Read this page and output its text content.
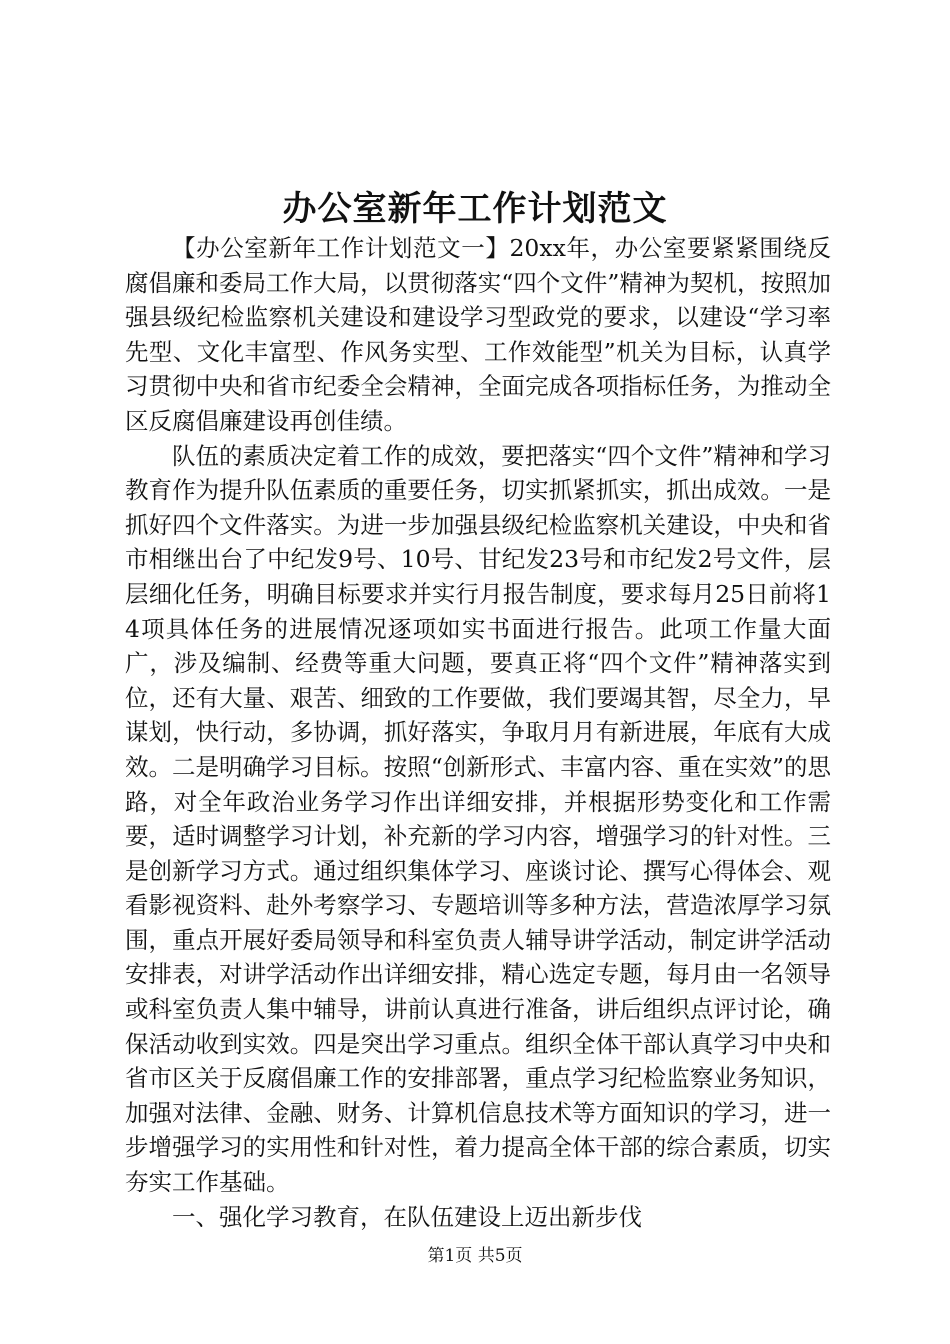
办公室新年工作计划范文

【办公室新年工作计划范文一】20xx年，办公室要紧紧围绕反腐倡廉和委局工作大局，以贯彻落实“四个文件”精神为契机，按照加强县级纪检监察机关建设和建设学习型政党的要求，以建设“学习率先型、文化丰富型、作风务实型、工作效能型”机关为目标，认真学习贯彻中央和省市纪委全会精神，全面完成各项指标任务，为推动全区反腐倡廉建设再创佳绩。

队伍的素质决定着工作的成效，要把落实“四个文件”精神和学习教育作为提升队伍素质的重要任务，切实抓紧抓实，抓出成效。一是抓好四个文件落实。为进一步加强县级纪检监察机关建设，中央和省市相继出台了中纪发9号、10号、甘纪发23号和市纪发2号文件，层层细化任务，明确目标要求并实行月报告制度，要求每月25日前将14项具体任务的进展情况逐项如实书面进行报告。此项工作量大面广，涉及编制、经费等重大问题，要真正将“四个文件”精神落实到位，还有大量、艰苦、细致的工作要做，我们要竭其智，尽全力，早谋划，快行动，多协调，抓好落实，争取月月有新进展，年底有大成效。二是明确学习目标。按照“创新形式、丰富内容、重在实效”的思路，对全年政治业务学习作出详细安排，并根据形势变化和工作需要，适时调整学习计划，补充新的学习内容，增强学习的针对性。三是创新学习方式。通过组织集体学习、座谈讨论、撰写心得体会、观看影视资料、赴外考察学习、专题培训等多种方法，营造浓厚学习氛围，重点开展好委局领导和科室负责人辅导讲学活动，制定讲学活动安排表，对讲学活动作出详细安排，精心选定专题，每月由一名领导或科室负责人集中辅导，讲前认真进行准备，讲后组织点评讨论，确保活动收到实效。四是突出学习重点。组织全体干部认真学习中央和省市区关于反腐倡廉工作的安排部署，重点学习纪检监察业务知识，加强对法律、金融、财务、计算机信息技术等方面知识的学习，进一步增强学习的实用性和针对性，着力提高全体干部的综合素质，切实夯实工作基础。

一、强化学习教育，在队伍建设上迈出新步伐

第1页 共5页
